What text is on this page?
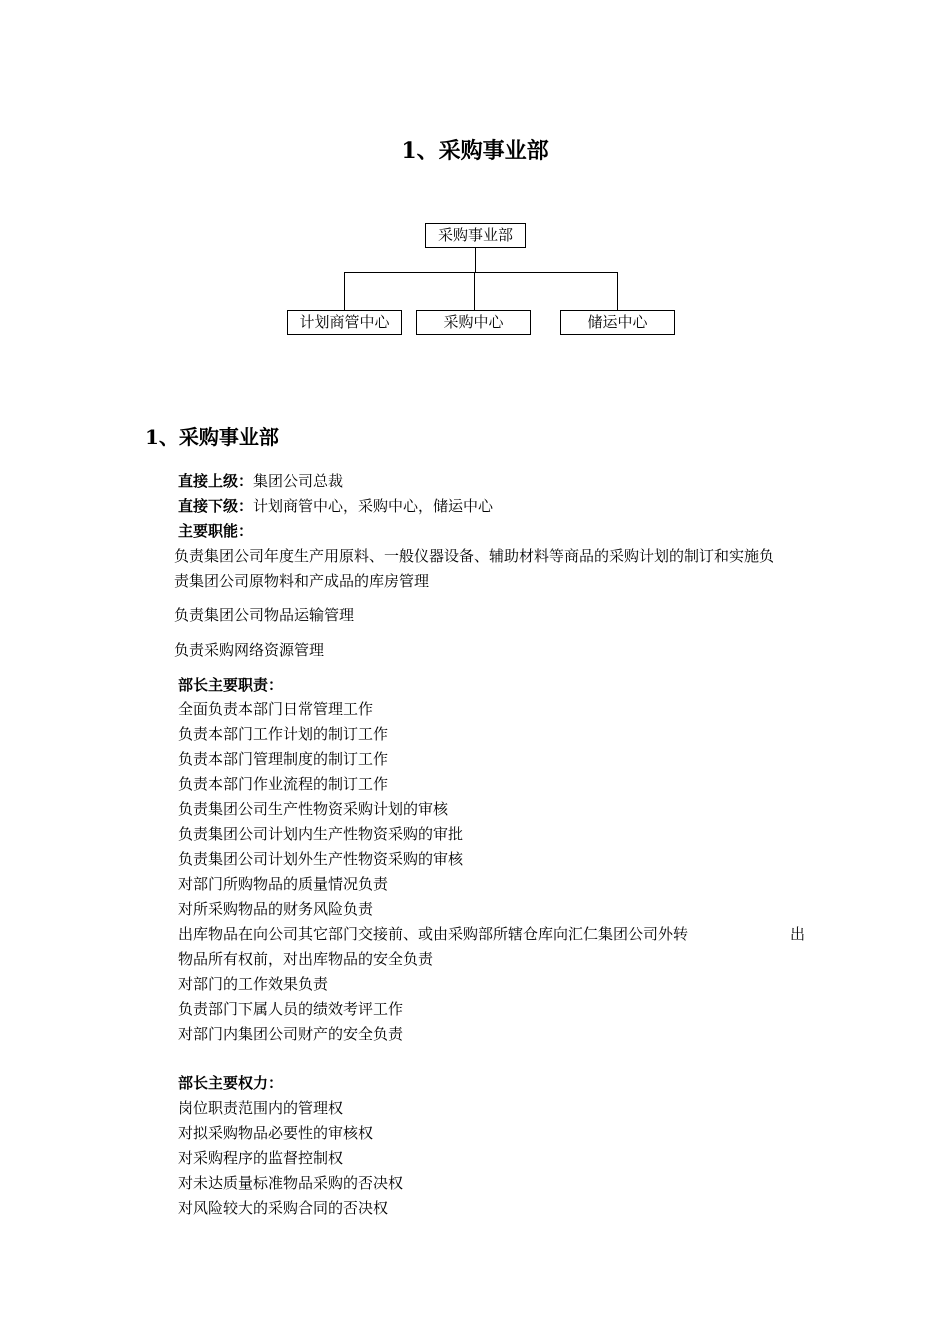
1、采购事业部
采购事业部
计划商管中心	采购中心	储运中心
1、采购事业部
直接上级：集团公司总裁
直接下级：计划商管中心，采购中心，储运中心
主要职能：
负责集团公司年度生产用原料、一般仪器设备、辅助材料等商品的采购计划的制订和实施负
责集团公司原物料和产成品的库房管理
负责集团公司物品运输管理
负责采购网络资源管理
部长主要职责：
全面负责本部门日常管理工作
负责本部门工作计划的制订工作
负责本部门管理制度的制订工作
负责本部门作业流程的制订工作
负责集团公司生产性物资采购计划的审核
负责集团公司计划内生产性物资采购的审批
负责集团公司计划外生产性物资采购的审核
对部门所购物品的质量情况负责
对所采购物品的财务风险负责
出库物品在向公司其它部门交接前、或由采购部所辖仓库向汇仁集团公司外转	出
物品所有权前，对出库物品的安全负责
对部门的工作效果负责
负责部门下属人员的绩效考评工作
对部门内集团公司财产的安全负责
部长主要权力：
岗位职责范围内的管理权
对拟采购物品必要性的审核权
对采购程序的监督控制权
对未达质量标准物品采购的否决权
对风险较大的采购合同的否决权
